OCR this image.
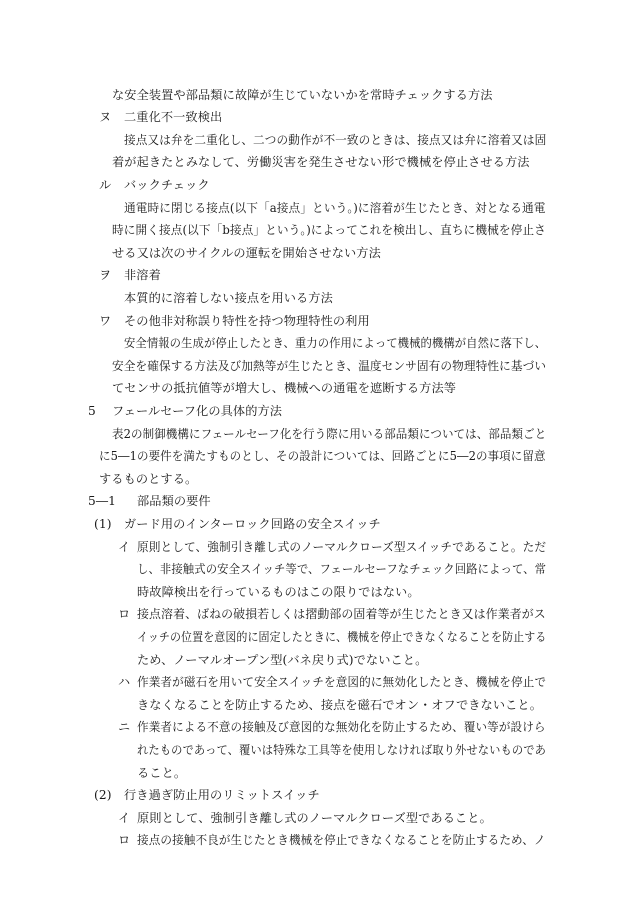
な安全装置や部品類に故障が生じていないかを常時チェックする方法
ヌ 二重化不一致検出
接点又は弁を二重化し、二つの動作が不一致のときは、接点又は弁に溶着又は固
着が起きたとみなして、労働災害を発生させない形で機械を停止させる方法
ル バックチェック
通電時に閉じる接点(以下「a接点」という。)に溶着が生じたとき、対となる通電
時に開く接点(以下「b接点」という。)によってこれを検出し、直ちに機械を停止さ
せる又は次のサイクルの運転を開始させない方法
ヲ 非溶着
本質的に溶着しない接点を用いる方法
ワ その他非対称誤り特性を持つ物理特性の利用
安全情報の生成が停止したとき、重力の作用によって機械的機構が自然に落下し、
安全を確保する方法及び加熱等が生じたとき、温度センサ固有の物理特性に基づい
てセンサの抵抗値等が増大し、機械への通電を遮断する方法等
5 フェールセーフ化の具体的方法
表2の制御機構にフェールセーフ化を行う際に用いる部品類については、部品類ごと
に5―1の要件を満たすものとし、その設計については、回路ごとに5―2の事項に留意
するものとする。
5―1 部品類の要件
(1) ガード用のインターロック回路の安全スイッチ
イ 原則として、強制引き離し式のノーマルクローズ型スイッチであること。ただ
し、非接触式の安全スイッチ等で、フェールセーフなチェック回路によって、常
時故障検出を行っているものはこの限りではない。
ロ 接点溶着、ばねの破損若しくは摺動部の固着等が生じたとき又は作業者がス
イッチの位置を意図的に固定したときに、機械を停止できなくなることを防止する
ため、ノーマルオープン型(バネ戻り式)でないこと。
ハ 作業者が磁石を用いて安全スイッチを意図的に無効化したとき、機械を停止で
きなくなることを防止するため、接点を磁石でオン・オフできないこと。
ニ 作業者による不意の接触及び意図的な無効化を防止するため、覆い等が設けら
れたものであって、覆いは特殊な工具等を使用しなければ取り外せないものであ
ること。
(2) 行き過ぎ防止用のリミットスイッチ
イ 原則として、強制引き離し式のノーマルクローズ型であること。
ロ 接点の接触不良が生じたとき機械を停止できなくなることを防止するため、ノ
